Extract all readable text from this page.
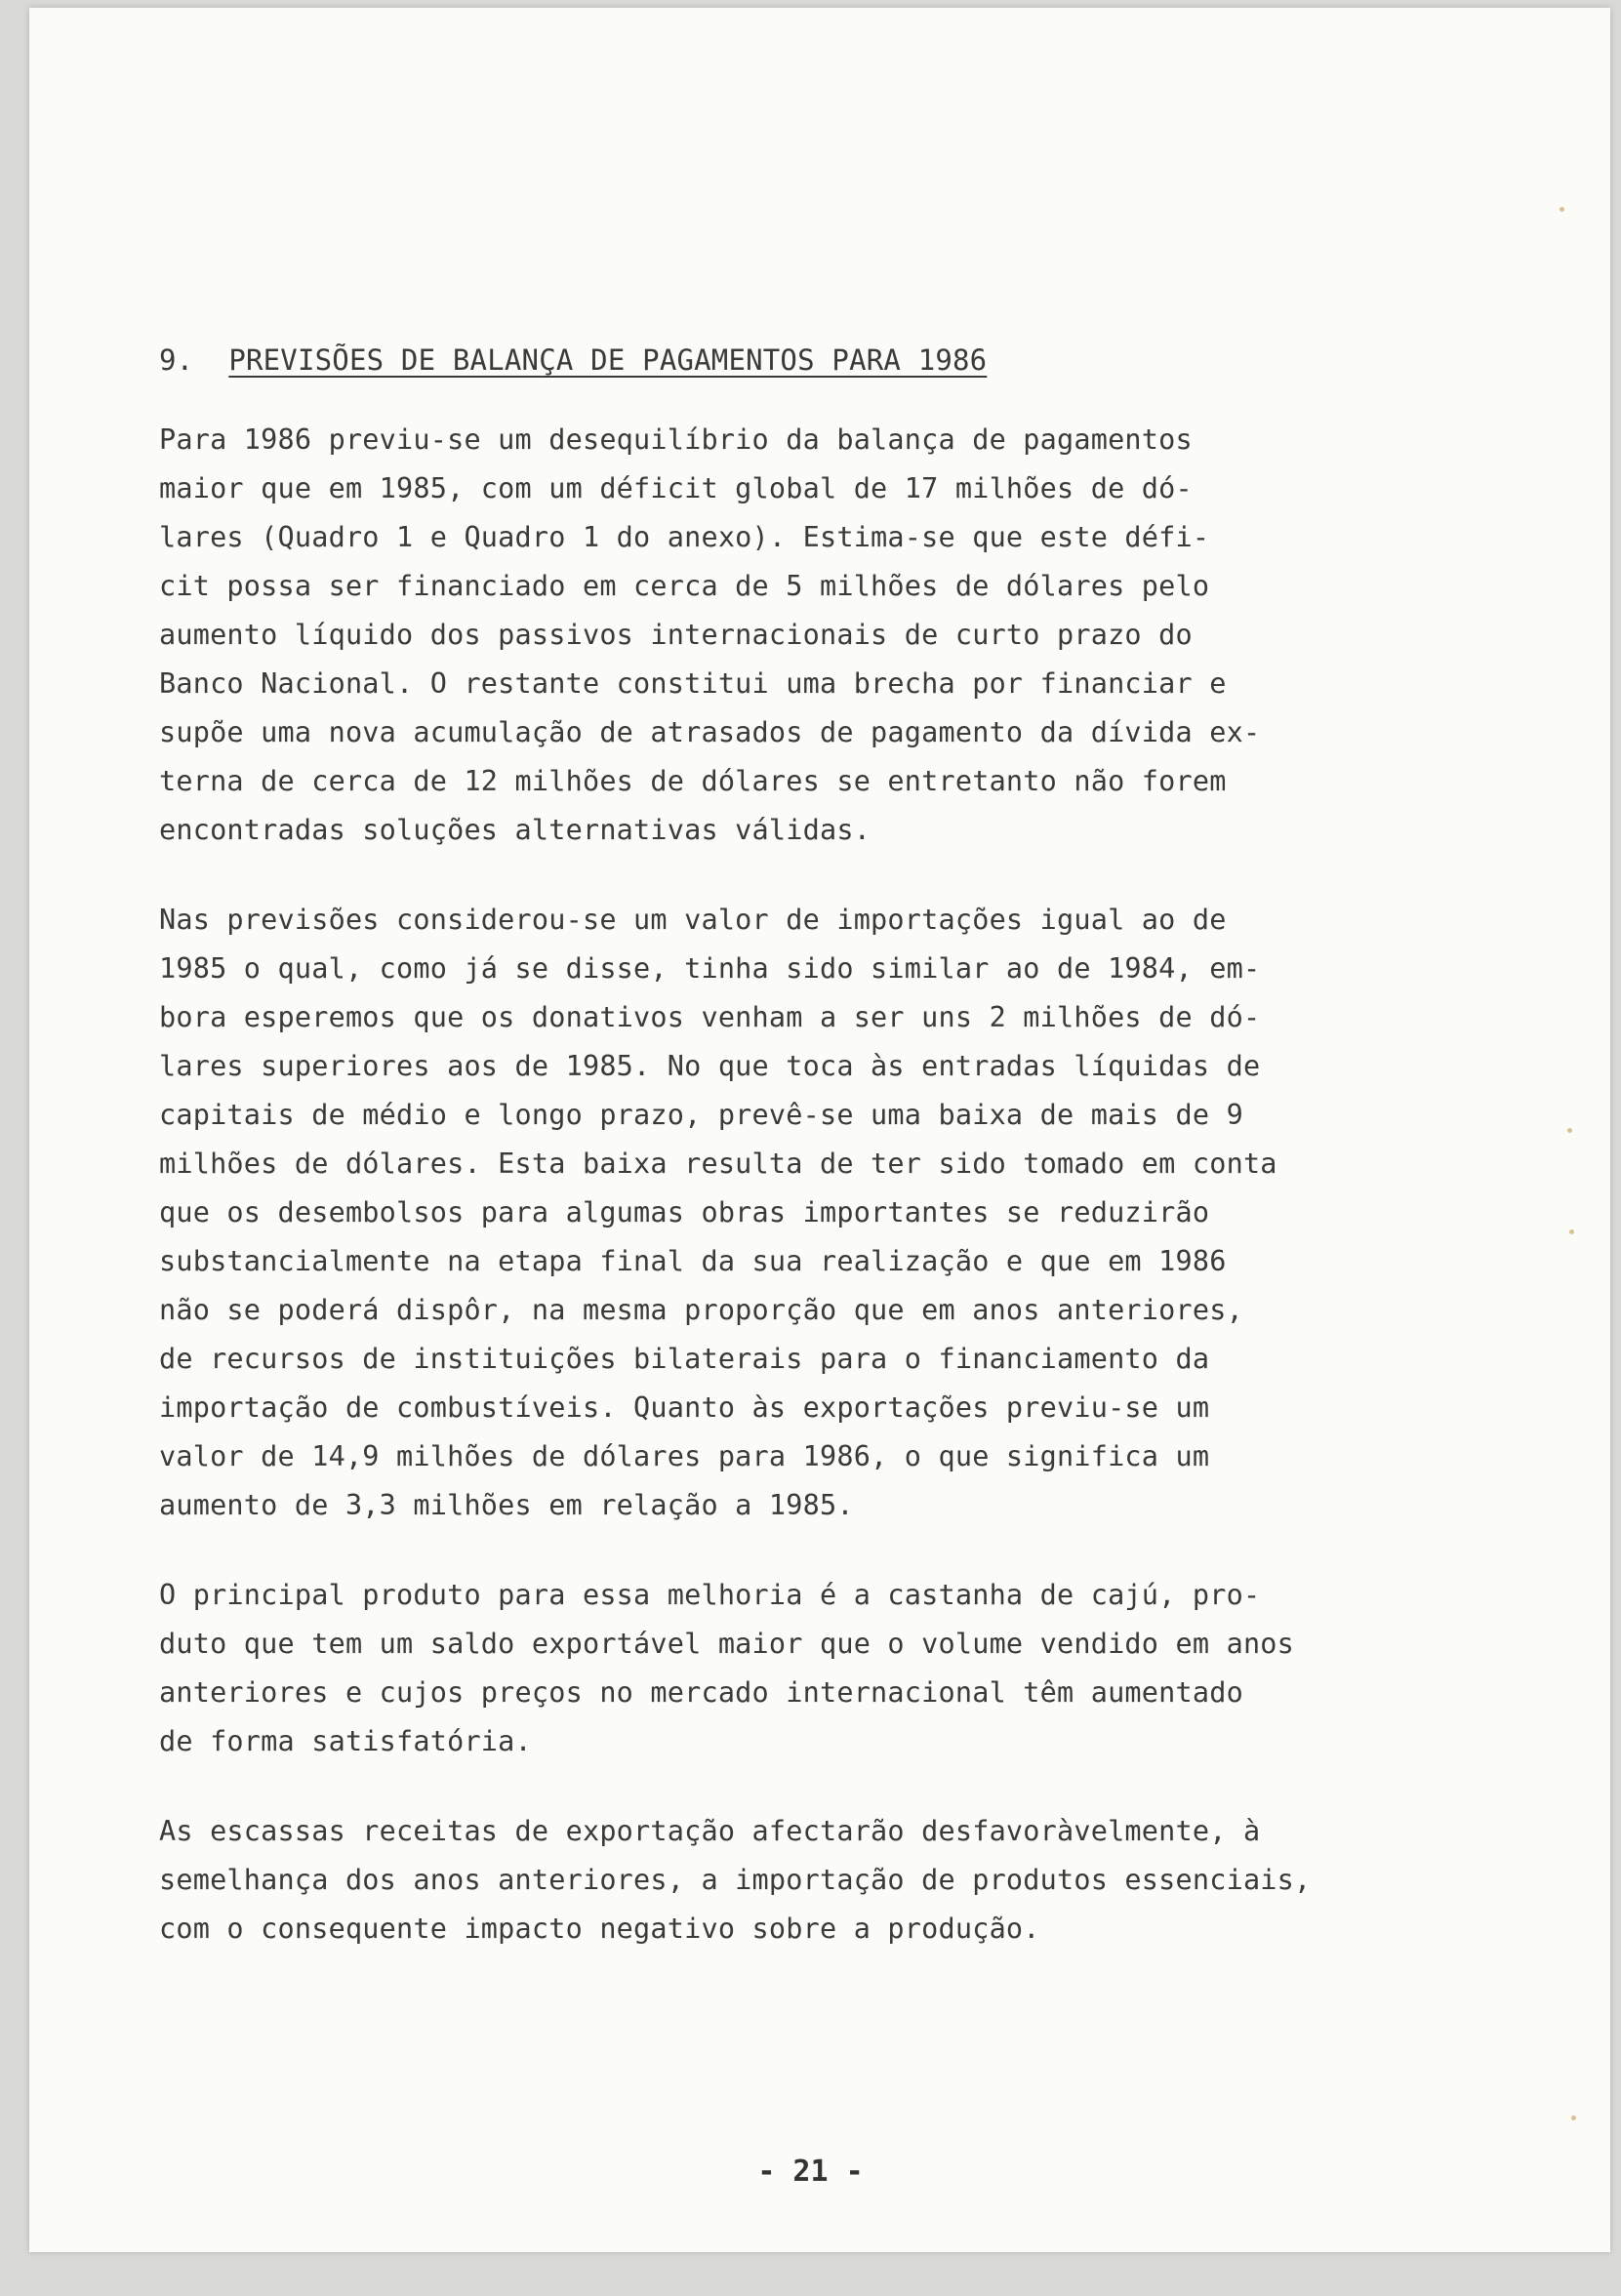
9. PREVISÕES DE BALANÇA DE PAGAMENTOS PARA 1986
Para 1986 previu-se um desequilíbrio da balança de pagamentos
maior que em 1985, com um déficit global de 17 milhões de dó-
lares (Quadro 1 e Quadro 1 do anexo). Estima-se que este défi-
cit possa ser financiado em cerca de 5 milhões de dólares pelo
aumento líquido dos passivos internacionais de curto prazo do
Banco Nacional. O restante constitui uma brecha por financiar e
supõe uma nova acumulação de atrasados de pagamento da dívida ex-
terna de cerca de 12 milhões de dólares se entretanto não forem
encontradas soluções alternativas válidas.
Nas previsões considerou-se um valor de importações igual ao de
1985 o qual, como já se disse, tinha sido similar ao de 1984, em-
bora esperemos que os donativos venham a ser uns 2 milhões de dó-
lares superiores aos de 1985. No que toca às entradas líquidas de
capitais de médio e longo prazo, prevê-se uma baixa de mais de 9
milhões de dólares. Esta baixa resulta de ter sido tomado em conta
que os desembolsos para algumas obras importantes se reduzirão
substancialmente na etapa final da sua realização e que em 1986
não se poderá dispôr, na mesma proporção que em anos anteriores,
de recursos de instituições bilaterais para o financiamento da
importação de combustíveis. Quanto às exportações previu-se um
valor de 14,9 milhões de dólares para 1986, o que significa um
aumento de 3,3 milhões em relação a 1985.
O principal produto para essa melhoria é a castanha de cajú, pro-
duto que tem um saldo exportável maior que o volume vendido em anos
anteriores e cujos preços no mercado internacional têm aumentado
de forma satisfatória.
As escassas receitas de exportação afectarão desfavoràvelmente, à
semelhança dos anos anteriores, a importação de produtos essenciais,
com o consequente impacto negativo sobre a produção.
- 21 -
